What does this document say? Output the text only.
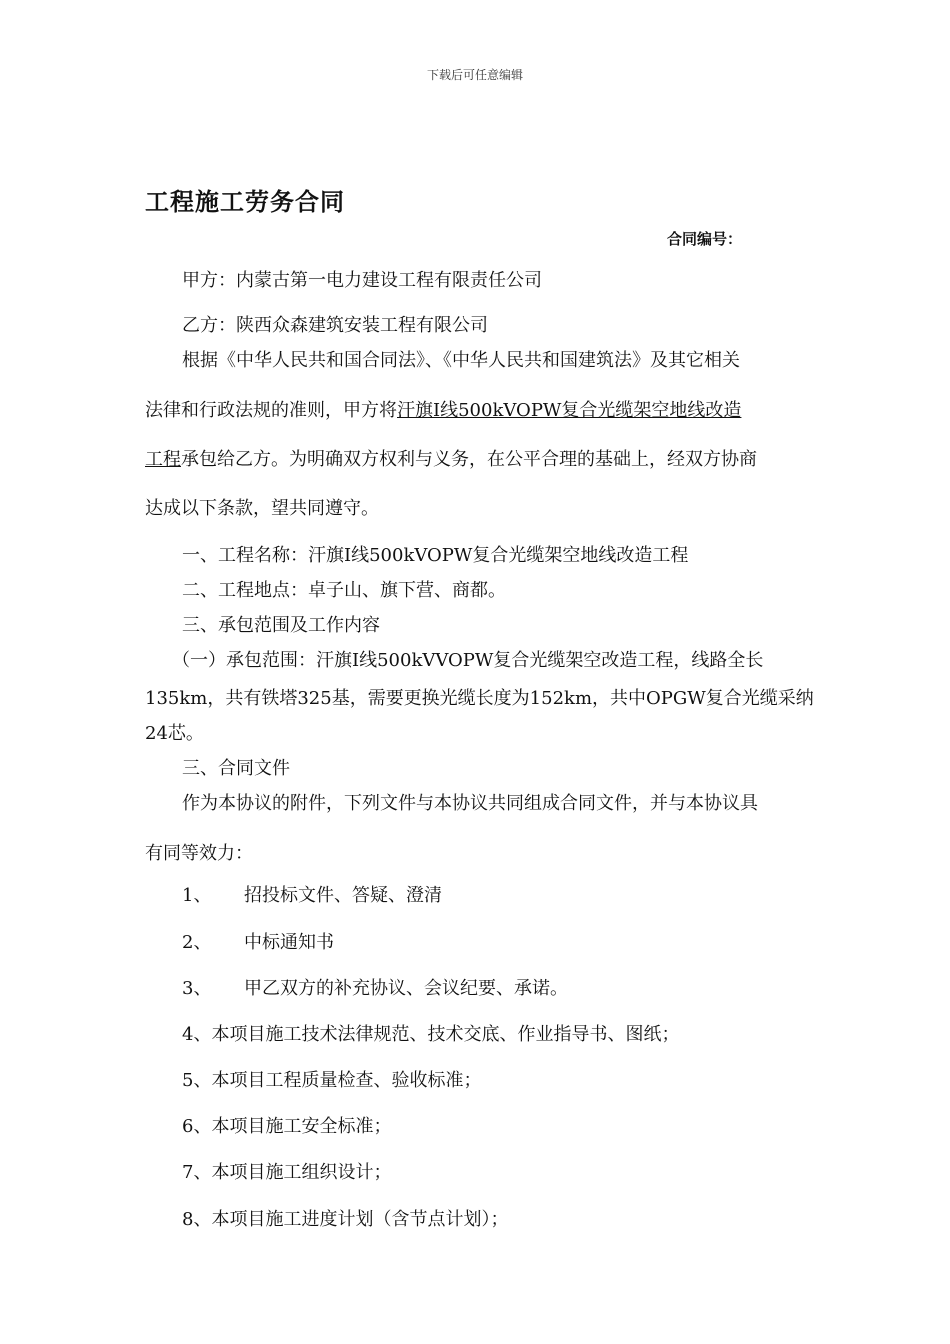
下载后可任意编辑
工程施工劳务合同
合同编号：
甲方：内蒙古第一电力建设工程有限责任公司
乙方：陕西众森建筑安装工程有限公司
根据《中华人民共和国合同法》、《中华人民共和国建筑法》及其它相关
法律和行政法规的准则，甲方将汗旗Ⅰ线500kVOPW复合光缆架空地线改造
工程承包给乙方。为明确双方权利与义务，在公平合理的基础上，经双方协商
达成以下条款，望共同遵守。
一、工程名称：汗旗Ⅰ线500kVOPW复合光缆架空地线改造工程
二、工程地点：卓子山、旗下营、商都。
三、承包范围及工作内容
（一）承包范围：汗旗Ⅰ线500kVVOPW复合光缆架空改造工程，线路全长
135km，共有铁塔325基，需要更换光缆长度为152km，共中OPGW复合光缆采纳
24芯。
三、合同文件
作为本协议的附件，下列文件与本协议共同组成合同文件，并与本协议具
有同等效力：
1、 招投标文件、答疑、澄清
2、 中标通知书
3、 甲乙双方的补充协议、会议纪要、承诺。
4、本项目施工技术法律规范、技术交底、作业指导书、图纸；
5、本项目工程质量检查、验收标准；
6、本项目施工安全标准；
7、本项目施工组织设计；
8、本项目施工进度计划（含节点计划）；
